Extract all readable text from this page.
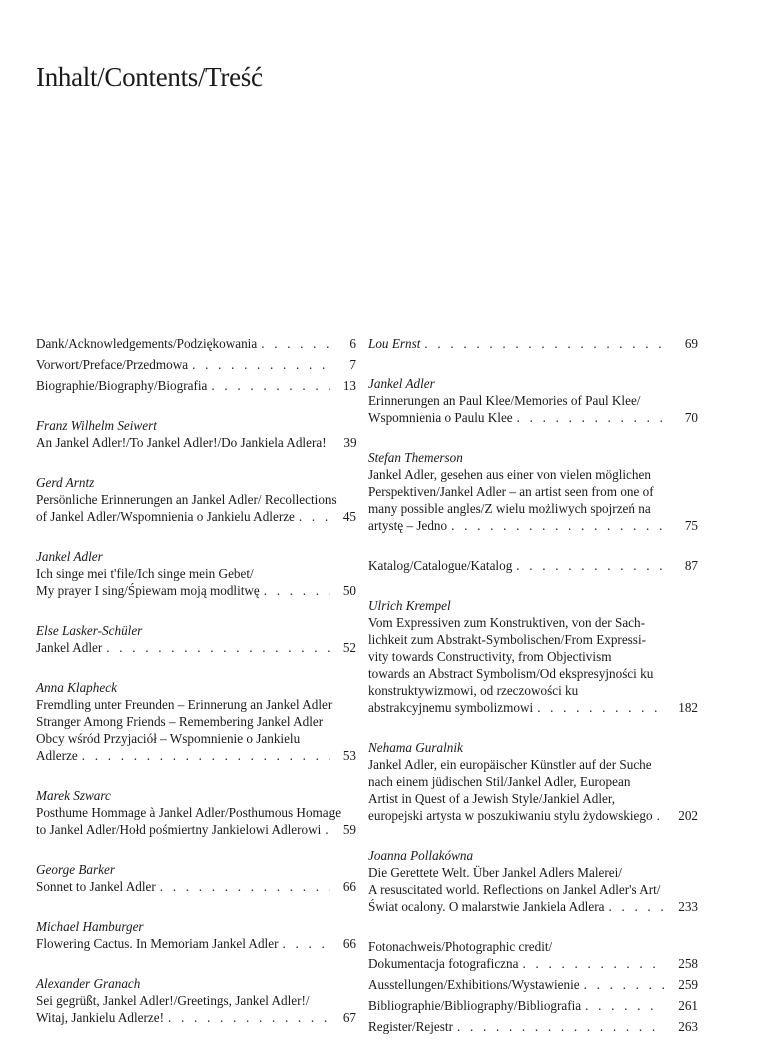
Inhalt/Contents/Treść
Dank/Acknowledgements/Podziękowania . . .	6
Vorwort/Preface/Przedmowa . . .	7
Biographie/Biography/Biografia . . .	13
Franz Wilhelm Seiwert
An Jankel Adler!/To Jankel Adler!/Do Jankiela Adlera!	39
Gerd Arntz
Persönliche Erinnerungen an Jankel Adler/ Recollections
of Jankel Adler/Wspomnienia o Jankielu Adlerze . . .	45
Jankel Adler
Ich singe mei t'file/Ich singe mein Gebet/
My prayer I sing/Śpiewam moją modlitwę . . .	50
Else Lasker-Schüler
Jankel Adler . . .	52
Anna Klapheck
Fremdling unter Freunden – Erinnerung an Jankel Adler
Stranger Among Friends – Remembering Jankel Adler
Obcy wśród Przyjaciół – Wspomnienie o Jankielu
Adlerze . . .	53
Marek Szwarc
Posthume Hommage à Jankel Adler/Posthumous Homage
to Jankel Adler/Hołd pośmiertny Jankielowi Adlerowi . . .	59
George Barker
Sonnet to Jankel Adler . . .	66
Michael Hamburger
Flowering Cactus. In Memoriam Jankel Adler . . .	66
Alexander Granach
Sei gegrüßt, Jankel Adler!/Greetings, Jankel Adler!/
Witaj, Jankielu Adlerze! . . .	67
Lou Ernst . . .	69
Jankel Adler
Erinnerungen an Paul Klee/Memories of Paul Klee/
Wspomnienia o Paulu Klee . . .	70
Stefan Themerson
Jankel Adler, gesehen aus einer von vielen möglichen
Perspektiven/Jankel Adler – an artist seen from one of
many possible angles/Z wielu możliwych spojrzeń na
artystę – Jedno . . .	75
Katalog/Catalogue/Katalog . . .	87
Ulrich Krempel
Vom Expressiven zum Konstruktiven, von der Sach-
lichkeit zum Abstrakt-Symbolischen/From Expressi-
vity towards Constructivity, from Objectivism
towards an Abstract Symbolism/Od ekspresyjności ku
konstruktywizmowi, od rzeczowości ku
abstrakcyjnemu symbolizmowi . . .	182
Nehama Guralnik
Jankel Adler, ein europäischer Künstler auf der Suche
nach einem jüdischen Stil/Jankel Adler, European
Artist in Quest of a Jewish Style/Jankiel Adler,
europejski artysta w poszukiwaniu stylu żydowskiego . . .	202
Joanna Pollakówna
Die Gerettete Welt. Über Jankel Adlers Malerei/
A resuscitated world. Reflections on Jankel Adler's Art/
Świat ocalony. O malarstwie Jankiela Adlera . . .	233
Fotonachweis/Photographic credit/
Dokumentacja fotograficzna . . .	258
Ausstellungen/Exhibitions/Wystawienie . . .	259
Bibliographie/Bibliography/Bibliografia . . .	261
Register/Rejestr . . .	263
